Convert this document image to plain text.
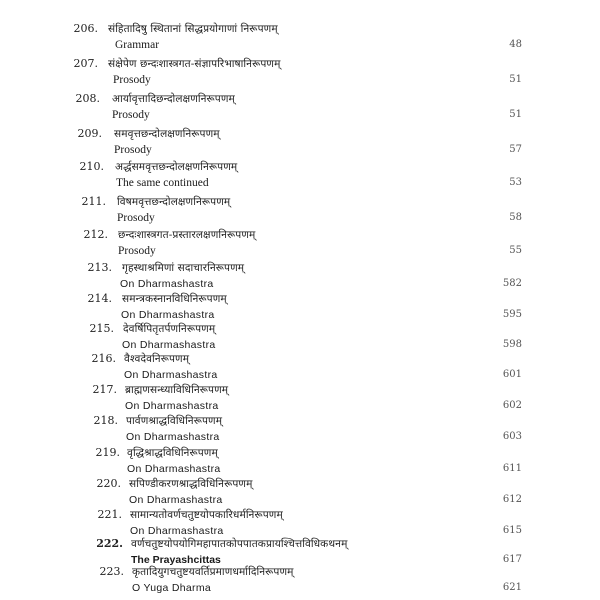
206. संहितादिषु स्थितानां सिद्धप्रयोगाणां निरूपणम्
Grammar	48
207. संक्षेपेण छन्दःशास्त्रगत-संज्ञापरिभाषानिरूपणम्
Prosody	51
208. आर्यावृत्तादिछन्दोलक्षणनिरूपणम्
Prosody	51
209. समवृत्तछन्दोलक्षणनिरूपणम्
Prosody	57
210. अर्द्धसमवृत्तछन्दोलक्षणनिरूपणम्
The same continued	53
211. विषमवृत्तछन्दोलक्षणनिरूपणम्
Prosody	58
212. छन्दःशास्त्रगत-प्रस्तारलक्षणनिरूपणम्
Prosody	55
213. गृहस्थाश्रमिणां सदाचारनिरूपणम्
On Dharmashastra	582
214. समन्त्रकस्नानविधिनिरूपणम्
On Dharmashastra	595
215. देवर्षिपितृतर्पणनिरूपणम्
On Dharmashastra	598
216. वैश्वदेवनिरूपणम्
On Dharmashastra	601
217. ब्राह्मणसन्ध्याविधिनिरूपणम्
On Dharmashastra	602
218. पार्वणश्राद्धविधिनिरूपणम्
On Dharmashastra	603
219. वृद्धिश्राद्धविधिनिरूपणम्
On Dharmashastra	611
220. सपिण्डीकरणश्राद्धविधिनिरूपणम्
On Dharmashastra	612
221. सामान्यतोवर्णचतुष्टयोपकारिधर्मनिरूपणम्
On Dharmashastra	615
222. वर्णचतुष्टयोपयोगिमहापातकोपपातकप्रायश्चित्तविधिकथनम्
The Prayashcittas	617
223. कृतादियुगचतुष्टयवर्तिप्रमाणधर्मादिनिरूपणम्
O Yuga Dharma	621
